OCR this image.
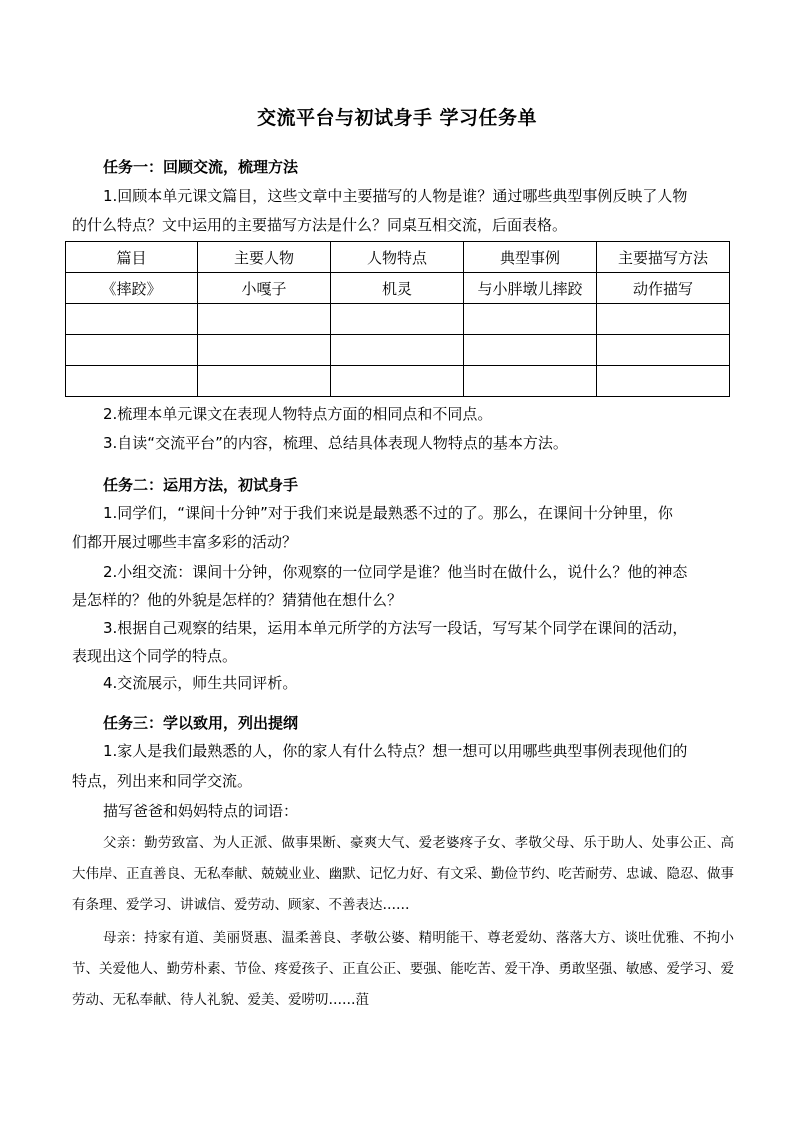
交流平台与初试身手 学习任务单
任务一：回顾交流，梳理方法
1.回顾本单元课文篇目，这些文章中主要描写的人物是谁？通过哪些典型事例反映了人物
的什么特点？文中运用的主要描写方法是什么？同桌互相交流，后面表格。
篇目	主要人物	人物特点	典型事例	主要描写方法
《摔跤》	小嘎子	机灵	与小胖墩儿摔跤	动作描写

2.梳理本单元课文在表现人物特点方面的相同点和不同点。
3.自读“交流平台”的内容，梳理、总结具体表现人物特点的基本方法。
任务二：运用方法，初试身手
1.同学们，“课间十分钟”对于我们来说是最熟悉不过的了。那么，在课间十分钟里，你
们都开展过哪些丰富多彩的活动？
2.小组交流：课间十分钟，你观察的一位同学是谁？他当时在做什么，说什么？他的神态
是怎样的？他的外貌是怎样的？猜猜他在想什么？
3.根据自己观察的结果，运用本单元所学的方法写一段话，写写某个同学在课间的活动，
表现出这个同学的特点。
4.交流展示，师生共同评析。
任务三：学以致用，列出提纲
1.家人是我们最熟悉的人，你的家人有什么特点？想一想可以用哪些典型事例表现他们的
特点，列出来和同学交流。
描写爸爸和妈妈特点的词语：
父亲：勤劳致富、为人正派、做事果断、豪爽大气、爱老婆疼子女、孝敬父母、乐于助人、处事公正、高大伟岸、正直善良、无私奉献、兢兢业业、幽默、记忆力好、有文采、勤俭节约、吃苦耐劳、忠诚、隐忍、做事有条理、爱学习、讲诚信、爱劳动、顾家、不善表达……
母亲：持家有道、美丽贤惠、温柔善良、孝敬公婆、精明能干、尊老爱幼、落落大方、谈吐优雅、不拘小节、关爱他人、勤劳朴素、节俭、疼爱孩子、正直公正、要强、能吃苦、爱干净、勇敢坚强、敏感、爱学习、爱劳动、无私奉献、待人礼貌、爱美、爱唠叨……菹
